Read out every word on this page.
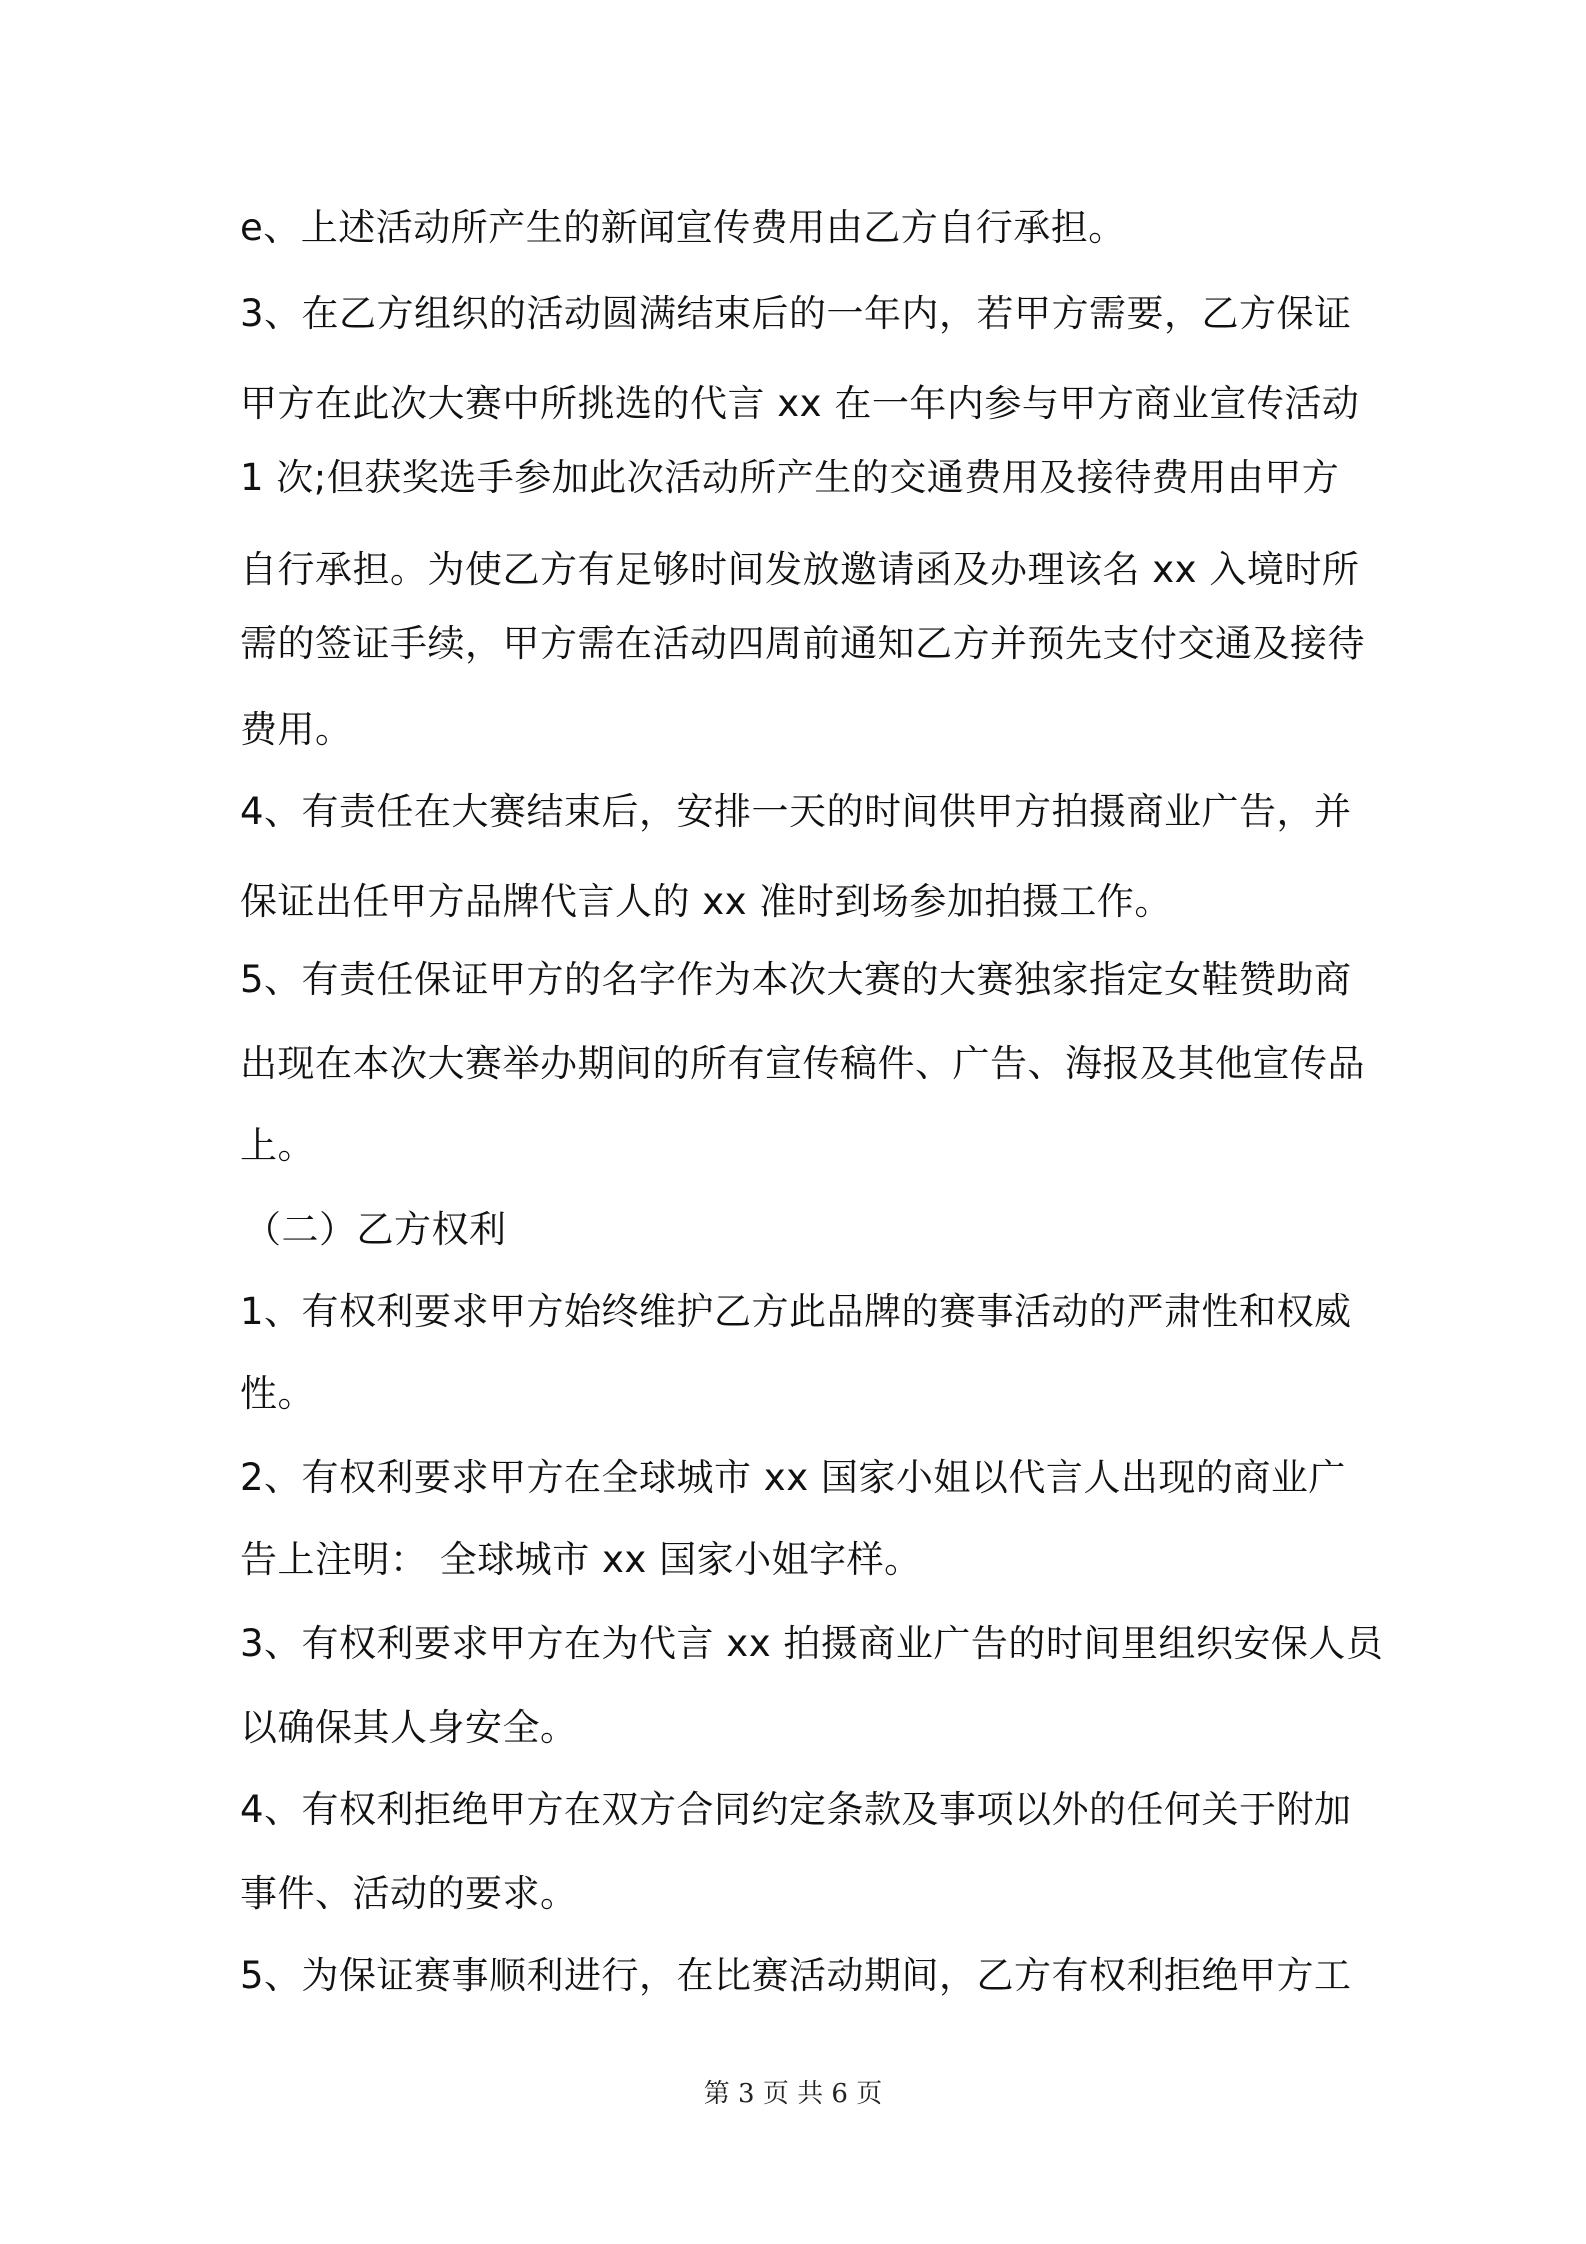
e、上述活动所产生的新闻宣传费用由乙方自行承担。
3、在乙方组织的活动圆满结束后的一年内，若甲方需要，乙方保证
甲方在此次大赛中所挑选的代言 xx 在一年内参与甲方商业宣传活动
1 次;但获奖选手参加此次活动所产生的交通费用及接待费用由甲方
自行承担。为使乙方有足够时间发放邀请函及办理该名 xx 入境时所
需的签证手续，甲方需在活动四周前通知乙方并预先支付交通及接待
费用。
4、有责任在大赛结束后，安排一天的时间供甲方拍摄商业广告，并
保证出任甲方品牌代言人的 xx 准时到场参加拍摄工作。
5、有责任保证甲方的名字作为本次大赛的大赛独家指定女鞋赞助商
出现在本次大赛举办期间的所有宣传稿件、广告、海报及其他宣传品
上。
（二）乙方权利
1、有权利要求甲方始终维护乙方此品牌的赛事活动的严肃性和权威
性。
2、有权利要求甲方在全球城市 xx 国家小姐以代言人出现的商业广
告上注明： 全球城市 xx 国家小姐字样。
3、有权利要求甲方在为代言 xx 拍摄商业广告的时间里组织安保人员
以确保其人身安全。
4、有权利拒绝甲方在双方合同约定条款及事项以外的任何关于附加
事件、活动的要求。
5、为保证赛事顺利进行，在比赛活动期间，乙方有权利拒绝甲方工
第 3 页 共 6 页
